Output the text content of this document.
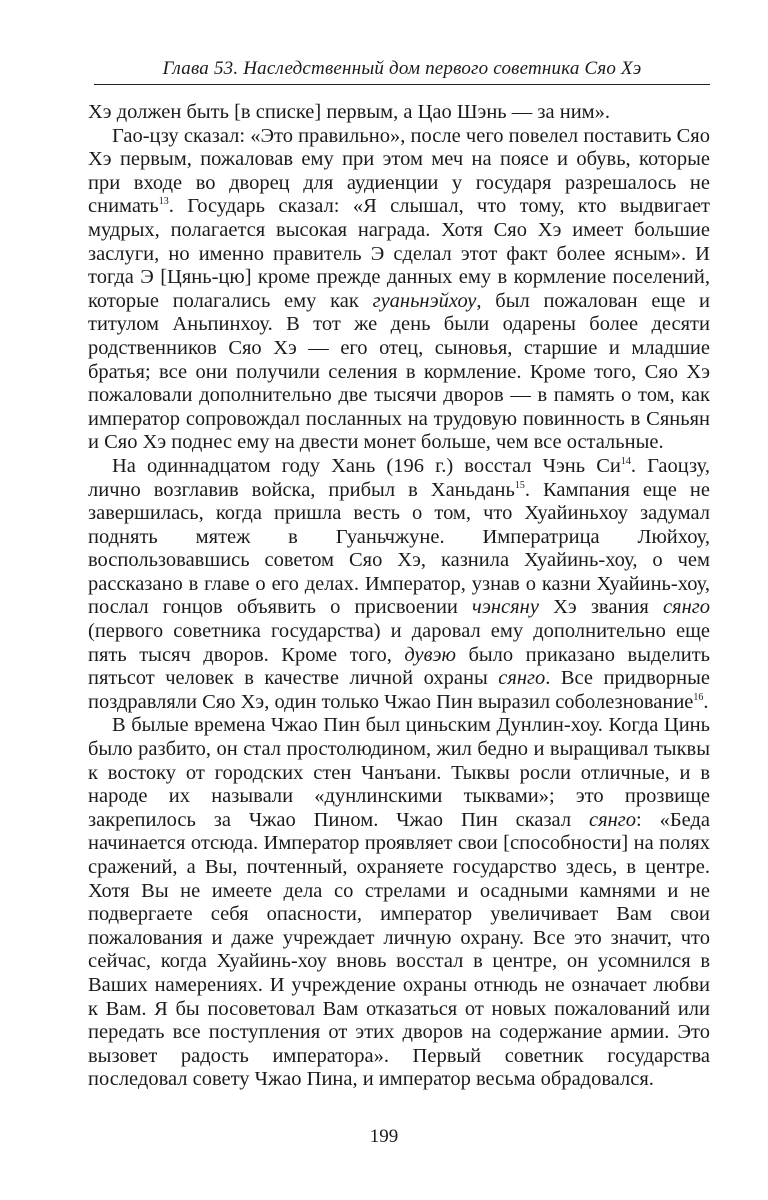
Глава 53. Наследственный дом первого советника Сяо Хэ

Хэ должен быть [в списке] первым, а Цао Шэнь — за ним».

Гао-цзу сказал: «Это правильно», после чего повелел поставить Сяо Хэ первым, пожаловав ему при этом меч на поясе и обувь, которые при входе во дворец для аудиенции у государя разрешалось не снимать$^{13}$. Государь сказал: «Я слышал, что тому, кто выдвигает мудрых, полагается высокая награда. Хотя Сяо Хэ имеет большие заслуги, но именно правитель Э сделал этот факт более ясным». И тогда Э [Цянь-цю] кроме прежде данных ему в кормление поселений, которые полагались ему как гуаньнэйхоу, был пожалован еще и титулом Аньпинхоу. В тот же день были одарены более десяти родственников Сяо Хэ — его отец, сыновья, старшие и младшие братья; все они получили селения в кормление. Кроме того, Сяо Хэ пожаловали дополнительно две тысячи дворов — в память о том, как император сопровождал посланных на трудовую повинность в Сяньян и Сяо Хэ поднес ему на двести монет больше, чем все остальные.

На одиннадцатом году Хань (196 г.) восстал Чэнь $Си^{14}$. Гаоцзу, лично возглавив войска, прибыл в Ханьдань$^{15}$. Кампания еще не завершилась, когда пришла весть о том, что Хуайиньхоу задумал поднять мятеж в Гуаньчжуне. Императрица Люйхоу, воспользовавшись советом Сяо Хэ, казнила Хуайинь-хоу, о чем рассказано в главе о его делах. Император, узнав о казни Хуайинь-хоу, послал гонцов объявить о присвоении чэнсяну Хэ звания сянго (первого советника государства) и даровал ему дополнительно еще пять тысяч дворов. Кроме того, дувэю было приказано выделить пятьсот человек в качестве личной охраны сянго. Все придворные поздравляли Сяо Хэ, один только Чжао Пин выразил соболезнование$^{16}$.

В былые времена Чжао Пин был циньским Дунлин-хоу. Когда Цинь было разбито, он стал простолюдином, жил бедно и выращивал тыквы к востоку от городских стен Чанъани. Тыквы росли отличные, и в народе их называли «дунлинскими тыквами»; это прозвище закрепилось за Чжао Пином. Чжао Пин сказал сянго: «Беда начинается отсюда. Император проявляет свои [способности] на полях сражений, а Вы, почтенный, охраняете государство здесь, в центре. Хотя Вы не имеете дела со стрелами и осадными камнями и не подвергаете себя опасности, император увеличивает Вам свои пожалования и даже учреждает личную охрану. Все это значит, что сейчас, когда Хуайинь-хоу вновь восстал в центре, он усомнился в Ваших намерениях. И учреждение охраны отнюдь не означает любви к Вам. Я бы посоветовал Вам отказаться от новых пожалований или передать все поступления от этих дворов на содержание армии. Это вызовет радость императора». Первый советник государства последовал совету Чжао Пина, и император весьма обрадовался.

199
